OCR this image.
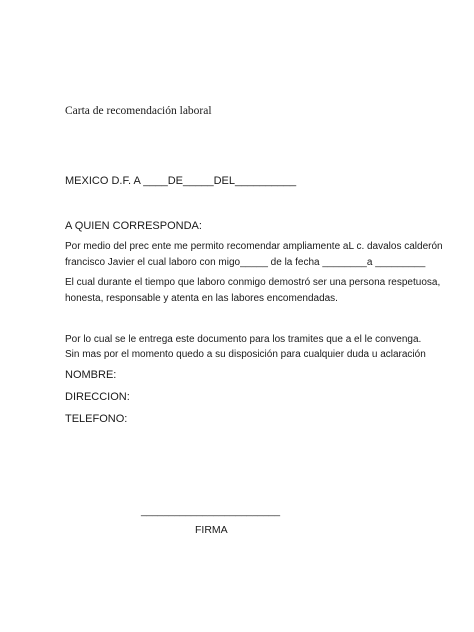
Carta de recomendación laboral
MEXICO D.F. A ____DE_____DEL__________
A QUIEN CORRESPONDA:
Por medio del prec ente me permito recomendar ampliamente aL c. davalos calderón
francisco Javier el cual laboro con migo_____ de la fecha ________a _________
El cual durante el tiempo que laboro conmigo demostró ser una persona respetuosa,
honesta, responsable y atenta en las labores encomendadas.
Por lo cual se le entrega este documento para los tramites que a el le convenga.
Sin mas por el momento quedo a su disposición para cualquier duda u aclaración
NOMBRE:
DIRECCION:
TELEFONO:
_________________________
FIRMA
